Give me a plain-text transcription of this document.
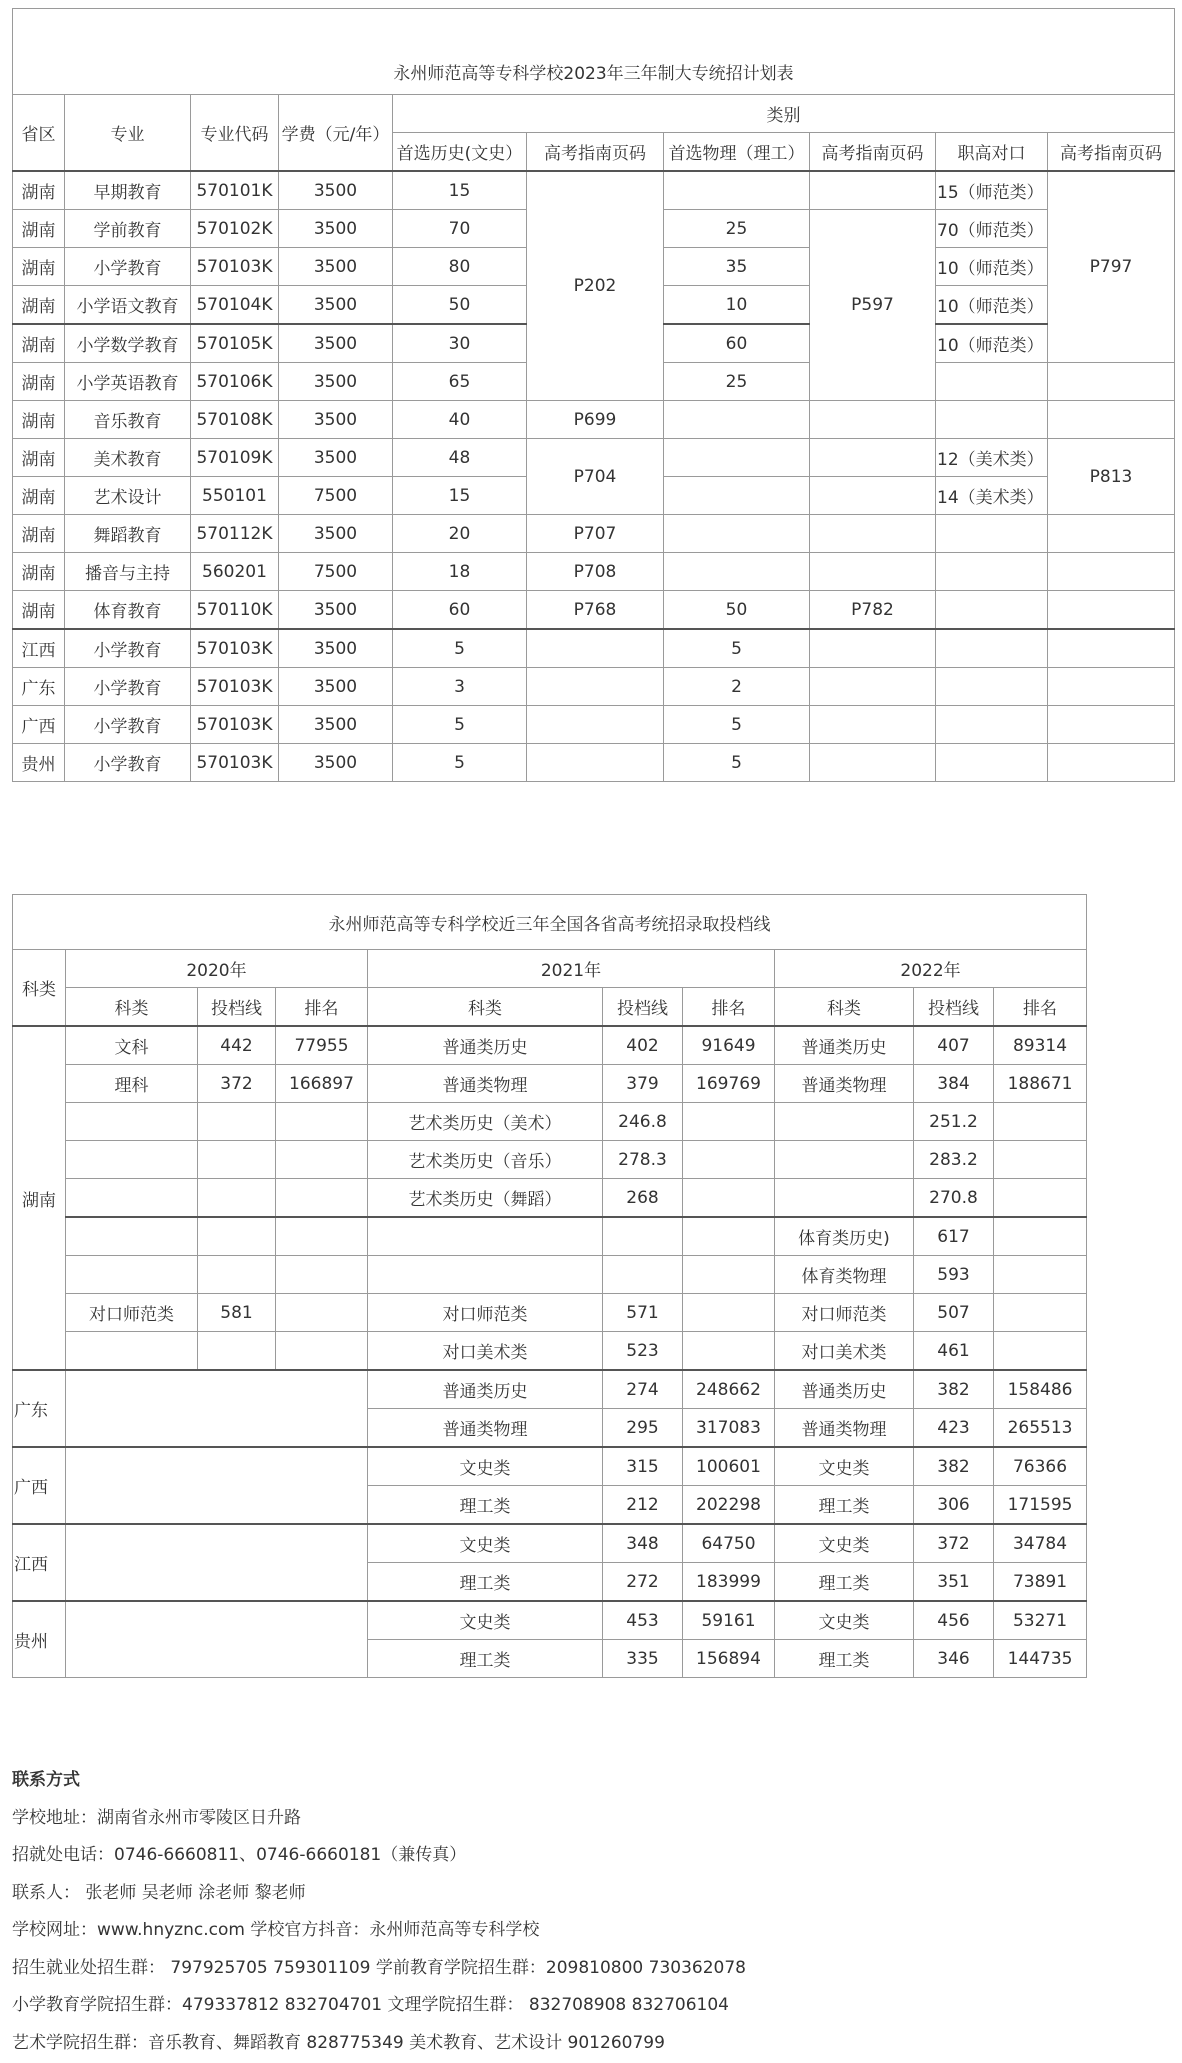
永州师范高等专科学校2023年三年制大专统招计划表									
省区	专业	专业代码	学费（元/年）	类别					
				首选历史(文史）	高考指南页码	首选物理（理工）	高考指南页码	职高对口	高考指南页码
湖南	早期教育	570101K	3500	15	P202			15（师范类）	P797
湖南	学前教育	570102K	3500	70		25	P597	70（师范类）	
湖南	小学教育	570103K	3500	80		35		10（师范类）	
湖南	小学语文教育	570104K	3500	50		10		10（师范类）	
湖南	小学数学教育	570105K	3500	30		60		10（师范类）	
湖南	小学英语教育	570106K	3500	65		25			
湖南	音乐教育	570108K	3500	40	P699				
湖南	美术教育	570109K	3500	48	P704			12（美术类）	P813
湖南	艺术设计	550101	7500	15				14（美术类）	
湖南	舞蹈教育	570112K	3500	20	P707				
湖南	播音与主持	560201	7500	18	P708				
湖南	体育教育	570110K	3500	60	P768	50	P782		
江西	小学教育	570103K	3500	5		5			
广东	小学教育	570103K	3500	3		2			
广西	小学教育	570103K	3500	5		5			
贵州	小学教育	570103K	3500	5		5			
永州师范高等专科学校近三年全国各省高考统招录取投档线									
科类	2020年			2021年			2022年		
	科类	投档线	排名	科类	投档线	排名	科类	投档线	排名
湖南	文科	442	77955	普通类历史	402	91649	普通类历史	407	89314
	理科	372	166897	普通类物理	379	169769	普通类物理	384	188671
				艺术类历史（美术）	246.8			251.2	
				艺术类历史（音乐）	278.3			283.2	
				艺术类历史（舞蹈）	268			270.8	
							体育类历史)	617	
							体育类物理	593	
	对口师范类	581		对口师范类	571		对口师范类	507	
				对口美术类	523		对口美术类	461	
广东				普通类历史	274	248662	普通类历史	382	158486
				普通类物理	295	317083	普通类物理	423	265513
广西				文史类	315	100601	文史类	382	76366
				理工类	212	202298	理工类	306	171595
江西				文史类	348	64750	文史类	372	34784
				理工类	272	183999	理工类	351	73891
贵州				文史类	453	59161	文史类	456	53271
				理工类	335	156894	理工类	346	144735
联系方式
学校地址：湖南省永州市零陵区日升路
招就处电话：0746-6660811、0746-6660181（兼传真）
联系人： 张老师 吴老师 涂老师 黎老师
学校网址：www.hnyznc.com 学校官方抖音：永州师范高等专科学校
招生就业处招生群： 797925705 759301109 学前教育学院招生群：209810800 730362078
小学教育学院招生群：479337812 832704701 文理学院招生群： 832708908 832706104
艺术学院招生群：音乐教育、舞蹈教育 828775349 美术教育、艺术设计 901260799
